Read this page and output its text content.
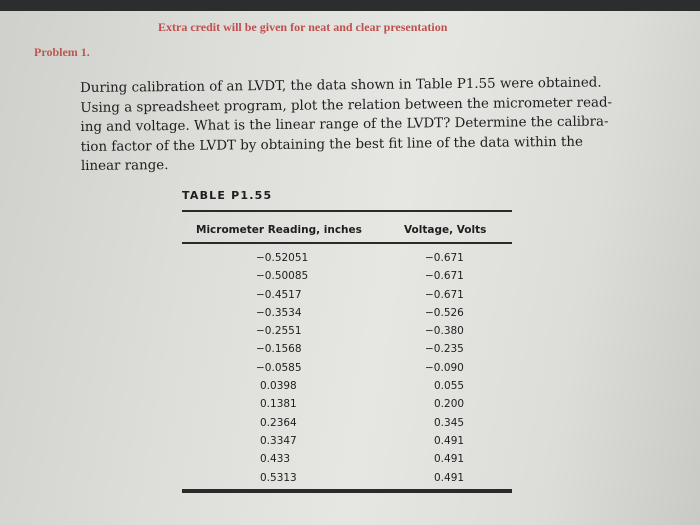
Extra credit will be given for neat and clear presentation
Problem 1.
During calibration of an LVDT, the data shown in Table P1.55 were obtained.
Using a spreadsheet program, plot the relation between the micrometer read-
ing and voltage. What is the linear range of the LVDT? Determine the calibra-
tion factor of the LVDT by obtaining the best fit line of the data within the
linear range.
TABLE P1.55
Micrometer Reading, inches	Voltage, Volts
−0.52051	−0.671
−0.50085	−0.671
−0.4517	−0.671
−0.3534	−0.526
−0.2551	−0.380
−0.1568	−0.235
−0.0585	−0.090
0.0398	0.055
0.1381	0.200
0.2364	0.345
0.3347	0.491
0.433	0.491
0.5313	0.491
